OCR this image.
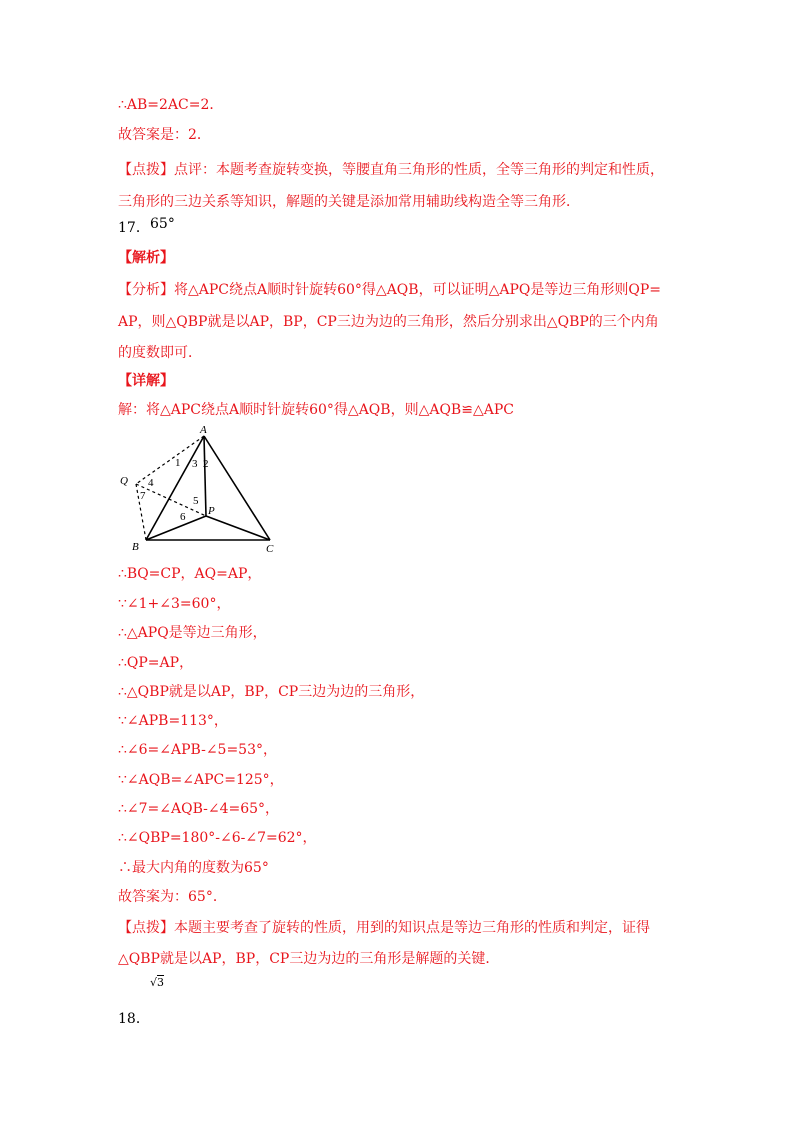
∴AB=2AC=2．
故答案是：2．
【点拨】点评：本题考查旋转变换，等腰直角三角形的性质，全等三角形的判定和性质，
三角形的三边关系等知识，解题的关键是添加常用辅助线构造全等三角形．
17．
【解析】
【分析】将△APC绕点A顺时针旋转60°得△AQB，可以证明△APQ是等边三角形则QP=
AP，则△QBP就是以AP，BP，CP三边为边的三角形，然后分别求出△QBP的三个内角
的度数即可．
【详解】
解：将△APC绕点A顺时针旋转60°得△AQB，则△AQB≌△APC
∴BQ=CP，AQ=AP，
∵∠1+∠3=60°，
∴△APQ是等边三角形，
∴QP=AP，
∴△QBP就是以AP，BP，CP三边为边的三角形，
∵∠APB=113°，
∴∠6=∠APB-∠5=53°，
∵∠AQB=∠APC=125°，
∴∠7=∠AQB-∠4=65°，
∴∠QBP=180°-∠6-∠7=62°，
∴最大内角的度数为65°
故答案为：65°．
【点拨】本题主要考查了旋转的性质，用到的知识点是等边三角形的性质和判定，证得
△QBP就是以AP，BP，CP三边为边的三角形是解题的关键．
18．
65°
√3
A
Q
B	C
P
1 3 2
4
7	5
6
